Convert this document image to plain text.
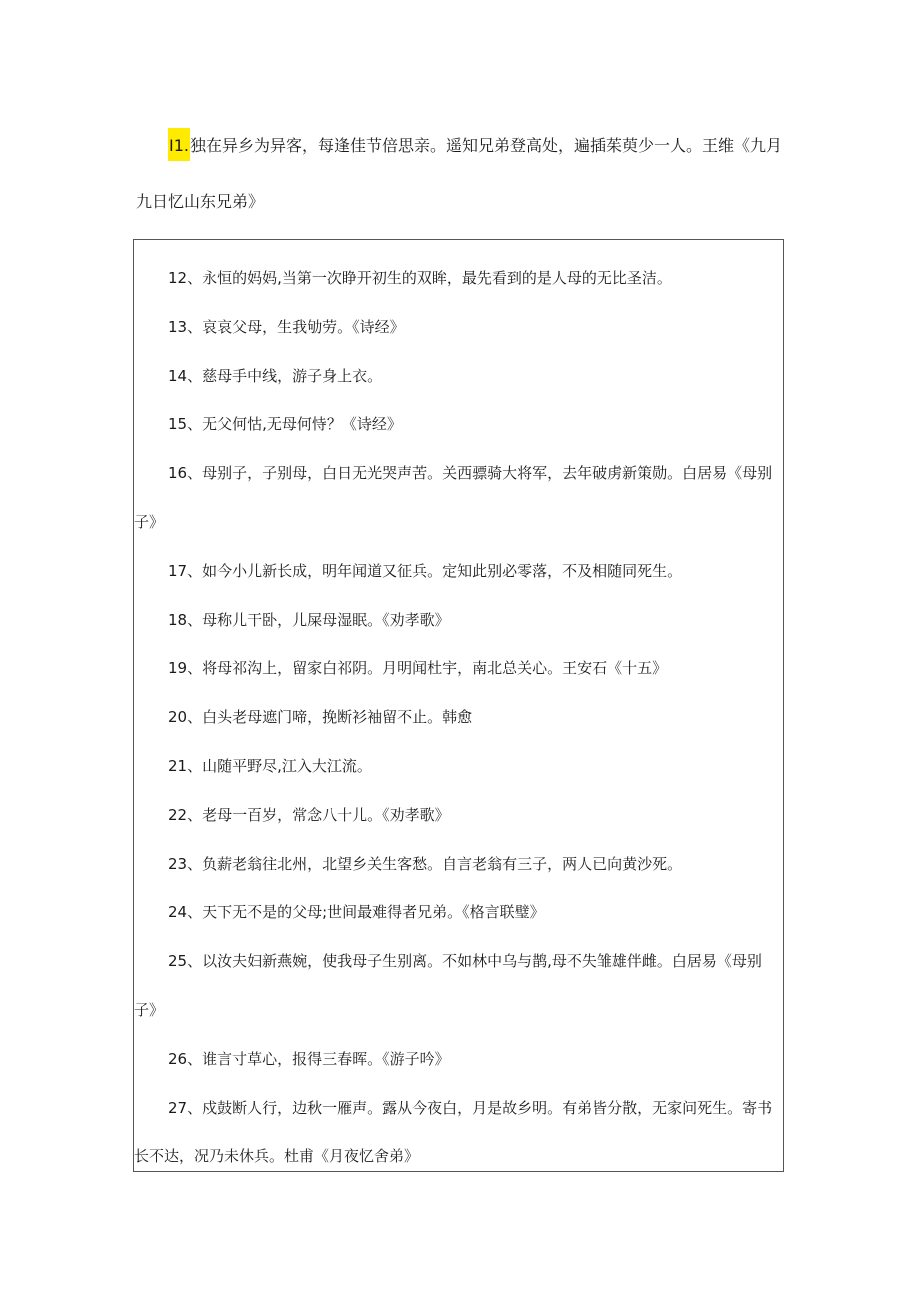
I1.独在异乡为异客，每逢佳节倍思亲。遥知兄弟登高处，遍插茱萸少一人。王维《九月
九日忆山东兄弟》
12、永恒的妈妈,当第一次睁开初生的双眸，最先看到的是人母的无比圣洁。
13、哀哀父母，生我劬劳。《诗经》
14、慈母手中线，游子身上衣。
15、无父何怙,无母何恃？《诗经》
16、母别子，子别母，白日无光哭声苦。关西骠骑大将军，去年破虏新策勋。白居易《母别子》
17、如今小儿新长成，明年闻道又征兵。定知此别必零落，不及相随同死生。
18、母称儿干卧，儿屎母湿眠。《劝孝歌》
19、将母祁沟上，留家白祁阴。月明闻杜宇，南北总关心。王安石《十五》
20、白头老母遮门啼，挽断衫袖留不止。韩愈
21、山随平野尽,江入大江流。
22、老母一百岁，常念八十儿。《劝孝歌》
23、负薪老翁往北州，北望乡关生客愁。自言老翁有三子，两人已向黄沙死。
24、天下无不是的父母;世间最难得者兄弟。《格言联璧》
25、以汝夫妇新燕婉，使我母子生别离。不如林中乌与鹊,母不失雏雄伴雌。白居易《母别子》
26、谁言寸草心，报得三春晖。《游子吟》
27、戍鼓断人行，边秋一雁声。露从今夜白，月是故乡明。有弟皆分散，无家问死生。寄书长不达，况乃未休兵。杜甫《月夜忆舍弟》
